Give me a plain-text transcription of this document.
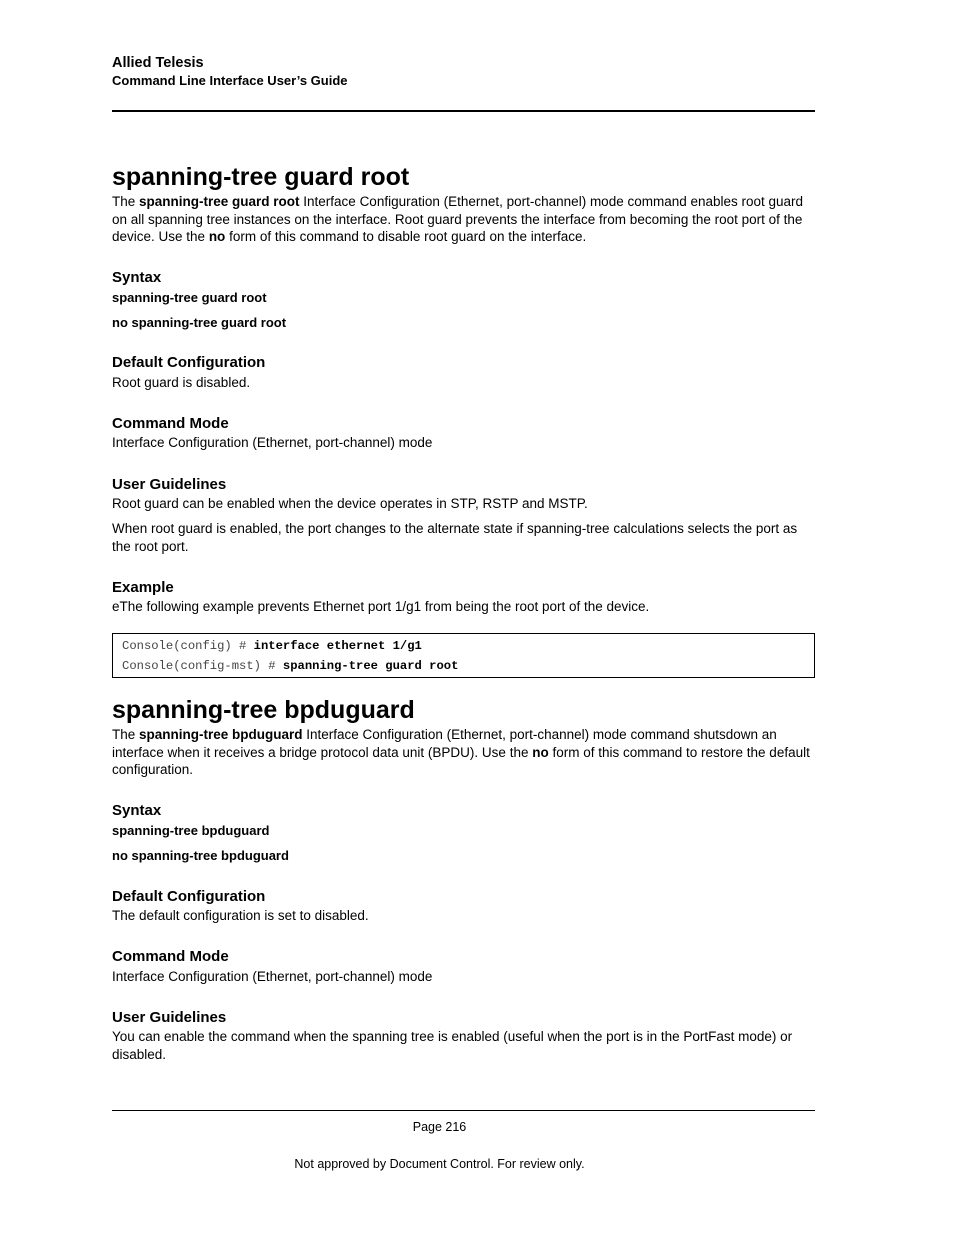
Allied Telesis
Command Line Interface User’s Guide
spanning-tree guard root
The spanning-tree guard root Interface Configuration (Ethernet, port-channel) mode command enables root guard on all spanning tree instances on the interface. Root guard prevents the interface from becoming the root port of the device. Use the no form of this command to disable root guard on the interface.
Syntax
spanning-tree guard root
no spanning-tree guard root
Default Configuration
Root guard is disabled.
Command Mode
Interface Configuration (Ethernet, port-channel) mode
User Guidelines
Root guard can be enabled when the device operates in STP, RSTP and MSTP.
When root guard is enabled, the port changes to the alternate state if spanning-tree calculations selects the port as the root port.
Example
eThe following example prevents Ethernet port 1/g1 from being the root port of the device.
Console(config) # interface ethernet 1/g1
Console(config-mst) # spanning-tree guard root
spanning-tree bpduguard
The spanning-tree bpduguard Interface Configuration (Ethernet, port-channel) mode command shutsdown an interface when it receives a bridge protocol data unit (BPDU). Use the no form of this command to restore the default configuration.
Syntax
spanning-tree bpduguard
no spanning-tree bpduguard
Default Configuration
The default configuration is set to disabled.
Command Mode
Interface Configuration (Ethernet, port-channel) mode
User Guidelines
You can enable the command when the spanning tree is enabled (useful when the port is in the PortFast mode) or disabled.
Page 216
Not approved by Document Control. For review only.
